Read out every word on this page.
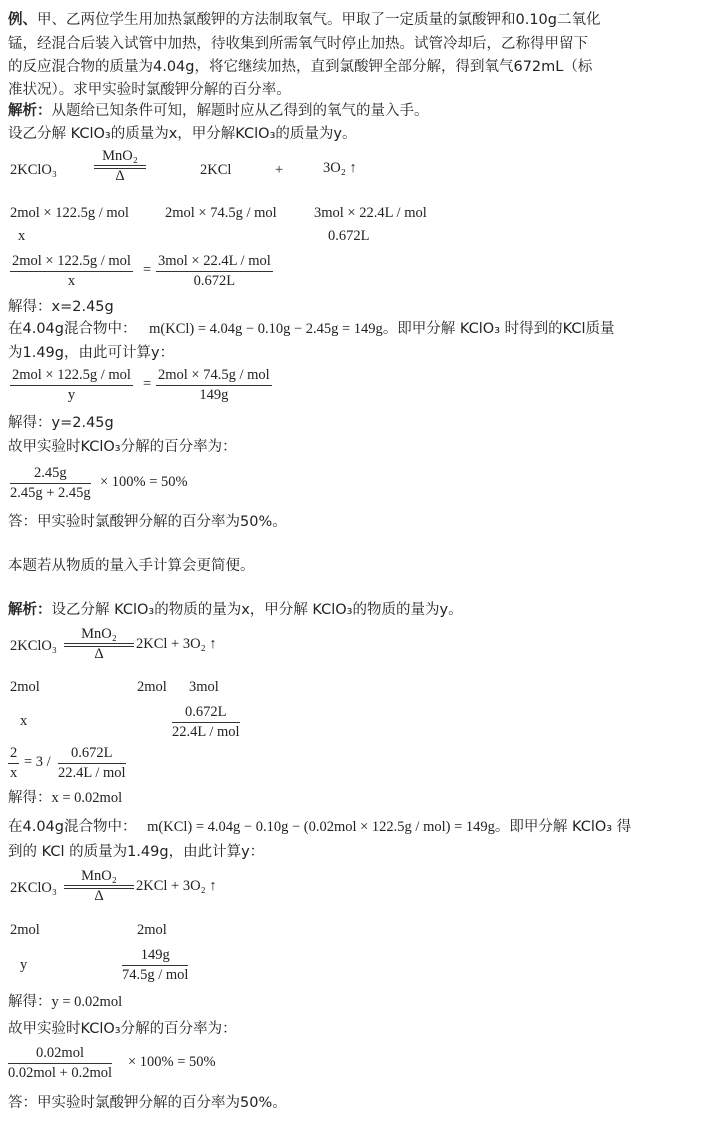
例、甲、乙两位学生用加热氯酸钾的方法制取氧气。甲取了一定质量的氯酸钾和0.10g二氧化
锰，经混合后装入试管中加热，待收集到所需氧气时停止加热。试管冷却后，乙称得甲留下
的反应混合物的质量为4.04g，将它继续加热，直到氯酸钾全部分解，得到氧气672mL（标
准状况）。求甲实验时氯酸钾分解的百分率。
解析：从题给已知条件可知，解题时应从乙得到的氧气的量入手。
设乙分解 KClO₃的质量为x，甲分解KClO₃的质量为y。
2KClO₃
MnO₂
Δ	2KCl	+	3O₂ ↑
2mol × 122.5g / mol 2mol × 74.5g / mol	3mol × 22.4L / mol
x	0.672L
2mol × 122.5g / mol
x
=
3mol × 22.4L / mol
0.672L
解得：x=2.45g
在4.04g混合物中： m(KCl) = 4.04g − 0.10g − 2.45g = 149g。即甲分解 KClO₃ 时得到的KCl质量
为1.49g，由此可计算y：
2mol × 122.5g / mol
y
=
2mol × 74.5g / mol
149g
解得：y=2.45g
故甲实验时KClO₃分解的百分率为：
$\frac{2.45g}{2.45g + 2.45g} \times 100\% = 50\%$
答：甲实验时氯酸钾分解的百分率为50%。
本题若从物质的量入手计算会更简便。
解析：设乙分解 KClO₃的物质的量为x，甲分解 KClO₃的物质的量为y。
2KClO₃
MnO₂
Δ
2KCl + 3O₂ ↑
2mol	2mol 3mol
x
0.672L
22.4L / mol
$\frac{2}{x} = 3$ /
0.672L
22.4L / mol
解得：x = 0.02mol
在4.04g混合物中： m(KCl) = 4.04g − 0.10g − (0.02mol × 122.5g / mol) = 149g。即甲分解 KClO₃ 得
到的 KCl 的质量为1.49g，由此计算y：
2KClO₃
MnO₂
Δ
2KCl + 3O₂ ↑
2mol	2mol
y
149g
74.5g / mol
解得：y = 0.02mol
故甲实验时KClO₃分解的百分率为：
0.02mol
0.02mol + 0.2mol
× 100% = 50%
答：甲实验时氯酸钾分解的百分率为50%。
